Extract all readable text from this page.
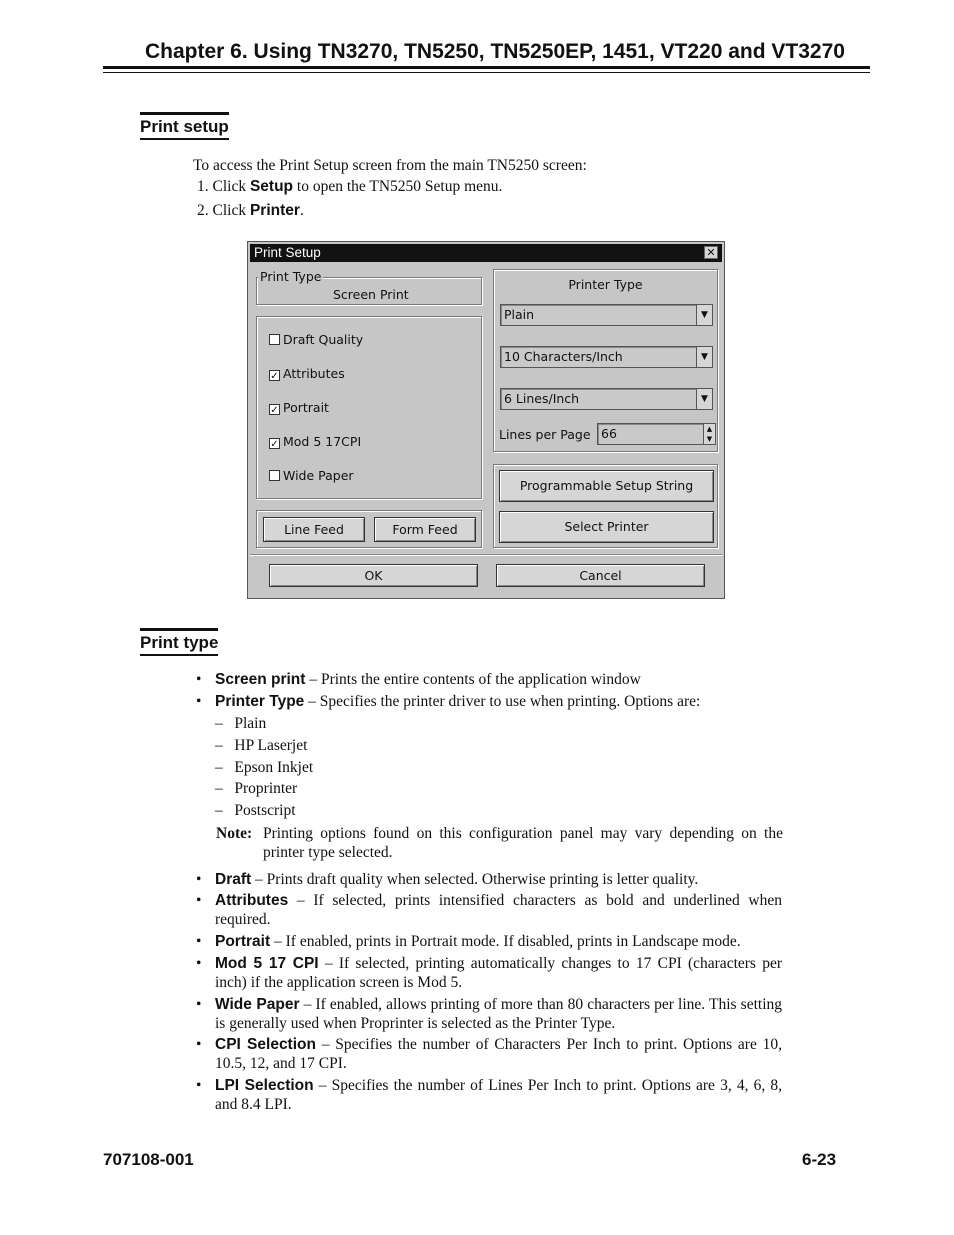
Chapter 6. Using TN3270, TN5250, TN5250EP, 1451, VT220 and VT3270
Print setup
To access the Print Setup screen from the main TN5250 screen:
1. Click Setup to open the TN5250 Setup menu.
2. Click Printer.
Print Setup	✕
Print Type
Screen Print
Draft Quality
✓ Attributes
✓ Portrait
✓ Mod 5 17CPI
Wide Paper
Line Feed	Form Feed
Printer Type
Plain	▼
10 Characters/Inch	▼
6 Lines/Inch	▼
Lines per Page 66	▲
▼
Programmable Setup String
Select Printer
OK	Cancel
Print type
• Screen print – Prints the entire contents of the application window
• Printer Type – Specifies the printer driver to use when printing. Options are:
–   Plain
–   HP Laserjet
–   Epson Inkjet
–   Proprinter
–   Postscript
Note: Printing options found on this configuration panel may vary depending on the printer type selected.
• Draft – Prints draft quality when selected. Otherwise printing is letter quality.
• Attributes – If selected, prints intensified characters as bold and underlined when required.
• Portrait – If enabled, prints in Portrait mode. If disabled, prints in Landscape mode.
• Mod 5 17 CPI – If selected, printing automatically changes to 17 CPI (characters per inch) if the application screen is Mod 5.
• Wide Paper – If enabled, allows printing of more than 80 characters per line. This setting is generally used when Proprinter is selected as the Printer Type.
• CPI Selection – Specifies the number of Characters Per Inch to print. Options are 10, 10.5, 12, and 17 CPI.
• LPI Selection – Specifies the number of Lines Per Inch to print. Options are 3, 4, 6, 8, and 8.4 LPI.
707108-001	6-23
